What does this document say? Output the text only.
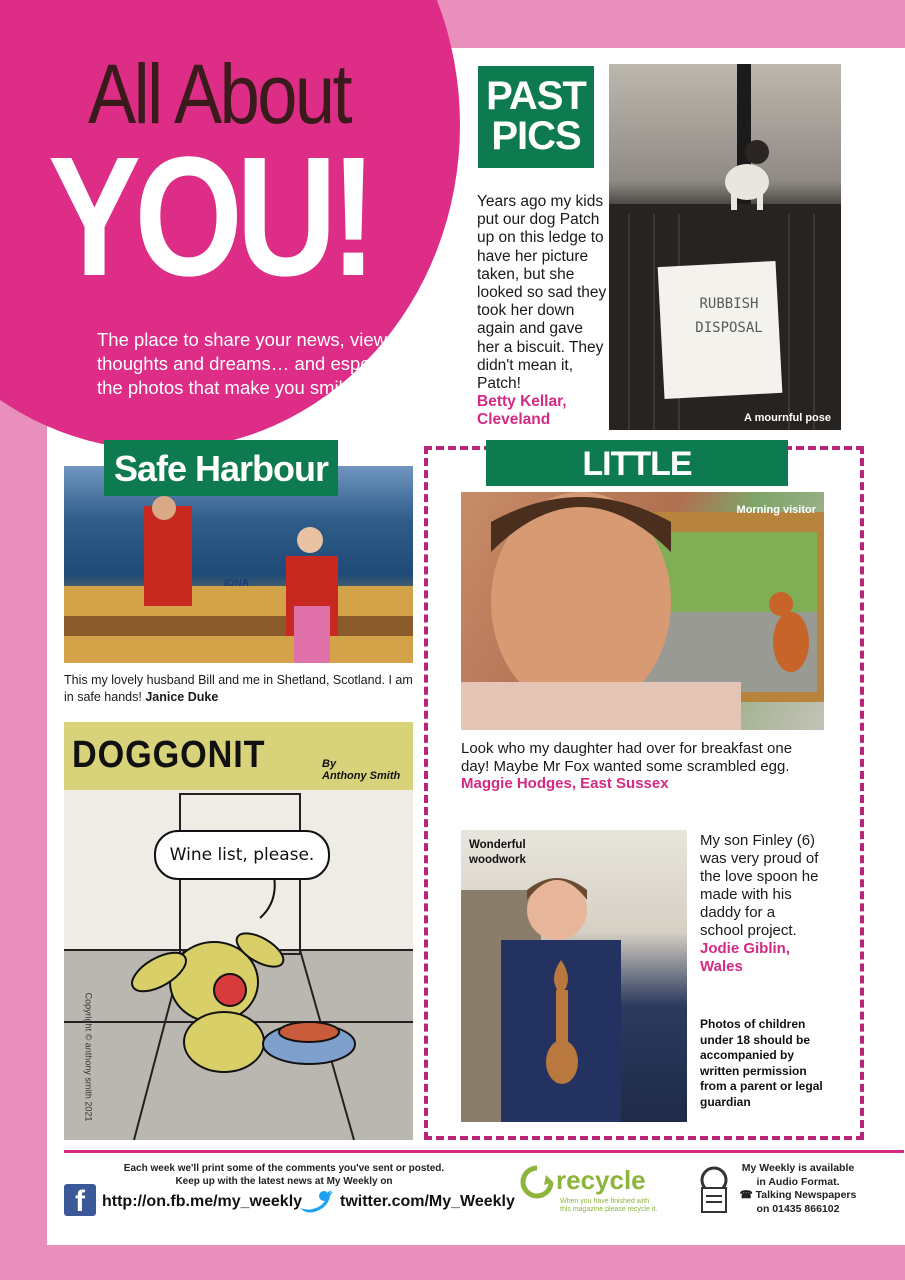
All About
YOU!
The place to share your news, views, thoughts and dreams… and especially the photos that make you smile
PAST
PICS
Years ago my kids put our dog Patch up on this ledge to have her picture taken, but she looked so sad they took her down again and gave her a biscuit. They didn't mean it, Patch!
Betty Kellar, Cleveland
RUBBISH
DISPOSAL
A mournful pose
IONA
Safe Harbour
This my lovely husband Bill and me in Shetland, Scotland. I am in safe hands! Janice Duke
DOGGONIT	By
Anthony Smith
Wine list, please.
Copyright © anthony smith 2021
LITTLE
Morning visitor
Look who my daughter had over for breakfast one day! Maybe Mr Fox wanted some scrambled egg.
Maggie Hodges, East Sussex
Wonderful
woodwork
My son Finley (6) was very proud of the love spoon he made with his daddy for a school project.
Jodie Giblin, Wales
Photos of children under 18 should be accompanied by written permission from a parent or legal guardian
Each week we'll print some of the comments you've sent or posted.
Keep up with the latest news at My Weekly on
f	http://on.fb.me/my_weekly twitter.com/My_Weekly
recycle
When you have finished with
this magazine please recycle it.
My Weekly is available
in Audio Format.
☎ Talking Newspapers
on 01435 866102
